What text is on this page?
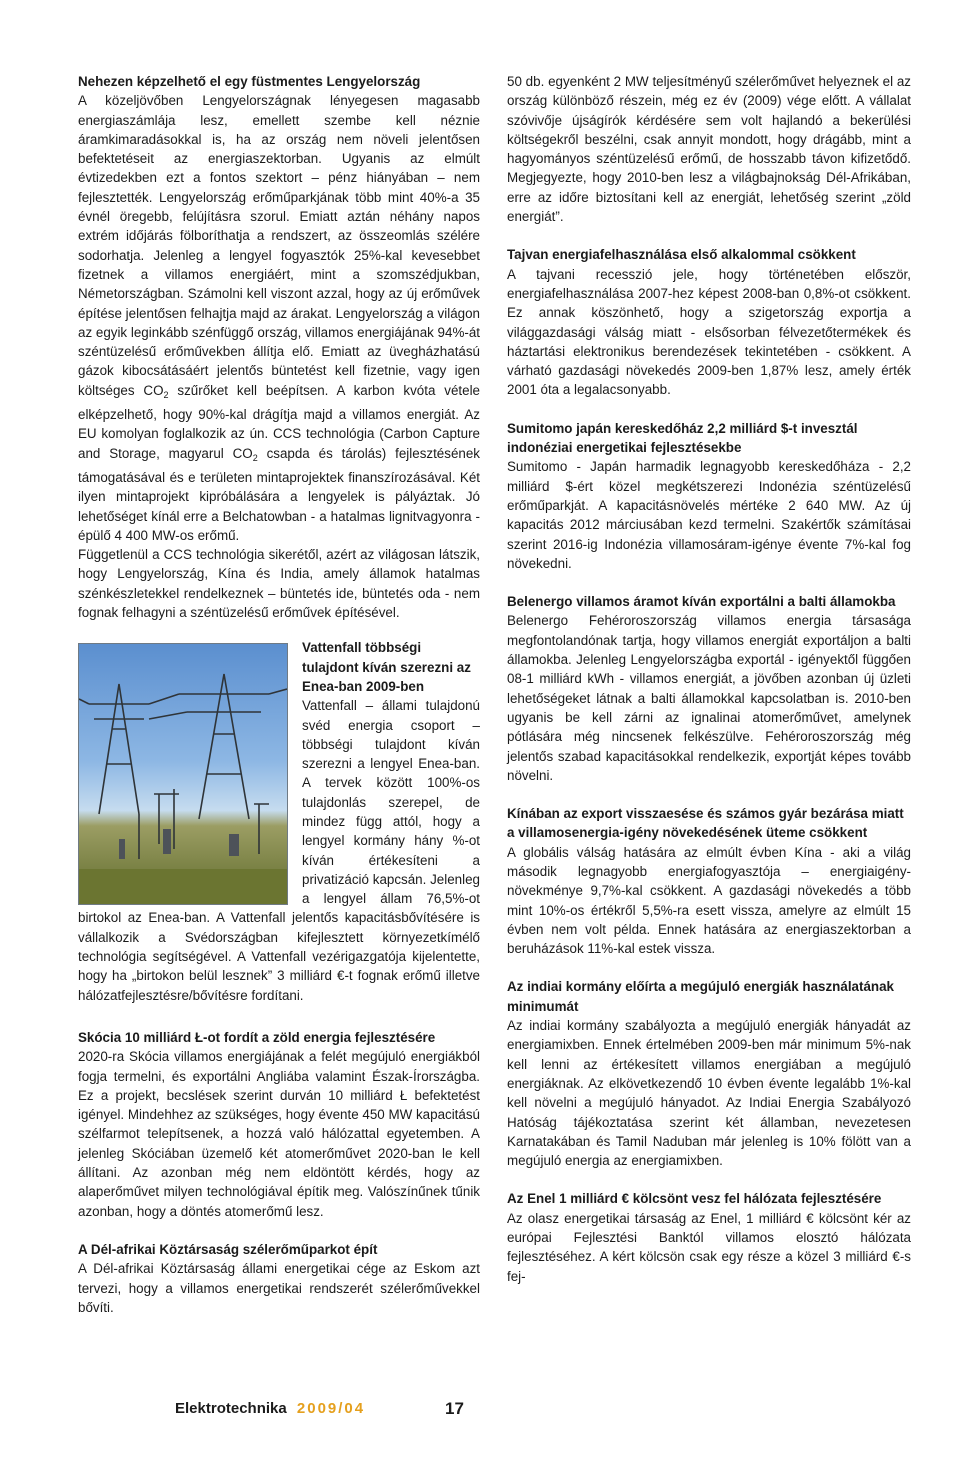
Nehezen képzelhető el egy füstmentes Lengyelország

A közeljövőben Lengyelországnak lényegesen magasabb energiaszámlája lesz, emellett szembe kell néznie áramkimaradásokkal is, ha az ország nem növeli jelentősen befektetéseit az energiaszektorban. Ugyanis az elmúlt évtizedekben ezt a fontos szektort – pénz hiányában – nem fejlesztették. Lengyelország erőműparkjának több mint 40%-a 35 évnél öregebb, felújításra szorul. Emiatt aztán néhány napos extrém időjárás fölboríthatja a rendszert, az összeomlás szélére sodorhatja. Jelenleg a lengyel fogyasztók 25%-kal kevesebbet fizetnek a villamos energiáért, mint a szomszédjukban, Németországban. Számolni kell viszont azzal, hogy az új erőművek építése jelentősen felhajtja majd az árakat. Lengyelország a világon az egyik leginkább szénfüggő ország, villamos energiájának 94%-át széntüzelésű erőművekben állítja elő. Emiatt az üvegházhatású gázok kibocsátásáért jelentős büntetést kell fizetnie, vagy igen költséges $CO_2$ szűrőket kell beépítsen. A karbon kvóta vétele elképzelhető, hogy 90%-kal drágítja majd a villamos energiát. Az EU komolyan foglalkozik az ún. CCS technológia (Carbon Capture and Storage, magyarul $CO_2$ csapda és tárolás) fejlesztésének támogatásával és e területen mintaprojektek finanszírozásával. Két ilyen mintaprojekt kipróbálására a lengyelek is pályáztak. Jó lehetőséget kínál erre a Belchatowban - a hatalmas lignitvagyonra - épülő 4 400 MW-os erőmű.

Függetlenül a CCS technológia sikerétől, azért az világosan látszik, hogy Lengyelország, Kína és India, amely államok hatalmas szénkészletekkel rendelkeznek – büntetés ide, büntetés oda - nem fognak felhagyni a széntüzelésű erőművek építésével.

Vattenfall többségi tulajdont kíván szerezni az Enea-ban 2009-ben

Vattenfall – állami tulajdonú svéd energia csoport – többségi tulajdont kíván szerezni a lengyel Enea-ban. A tervek között 100%-os tulajdonlás szerepel, de mindez függ attól, hogy a lengyel kormány hány %-ot kíván értékesíteni a privatizáció kapcsán. Jelenleg a lengyel állam 76,5%-ot birtokol az Enea-ban. A Vattenfall jelentős kapacitásbővítésére is vállalkozik a Svédországban kifejlesztett környezetkímélő technológia segítségével. A Vattenfall vezérigazgatója kijelentette, hogy ha „birtokon belül lesznek” 3 milliárd €-t fognak erőmű illetve hálózatfejlesztésre/bővítésre fordítani.

Skócia 10 milliárd Ł-ot fordít a zöld energia fejlesztésére

2020-ra Skócia villamos energiájának a felét megújuló energiákból fogja termelni, és exportálni Angliába valamint Észak-Írországba. Ez a projekt, becslések szerint durván 10 milliárd Ł befektetést igényel. Mindehhez az szükséges, hogy évente 450 MW kapacitású szélfarmot telepítsenek, a hozzá való hálózattal egyetemben. A jelenleg Skóciában üzemelő két atomerőművet 2020-ban le kell állítani. Az azonban még nem eldöntött kérdés, hogy az alaperőművet milyen technológiával építik meg. Valószínűnek tűnik azonban, hogy a döntés atomerőmű lesz.

A Dél-afrikai Köztársaság szélerőműparkot épít

A Dél-afrikai Köztársaság állami energetikai cége az Eskom azt tervezi, hogy a villamos energetikai rendszerét szélerőművekkel bővíti.

50 db. egyenként 2 MW teljesítményű szélerőművet helyeznek el az ország különböző részein, még ez év (2009) vége előtt. A vállalat szóvivője újságírók kérdésére sem volt hajlandó a bekerülési költségekről beszélni, csak annyit mondott, hogy drágább, mint a hagyományos széntüzelésű erőmű, de hosszabb távon kifizetődő. Megjegyezte, hogy 2010-ben lesz a világbajnokság Dél-Afrikában, erre az időre biztosítani kell az energiát, lehetőség szerint „zöld energiát”.

Tajvan energiafelhasználása első alkalommal csökkent

A tajvani recesszió jele, hogy történetében először, energiafelhasználása 2007-hez képest 2008-ban 0,8%-ot csökkent. Ez annak köszönhető, hogy a szigetország exportja a világgazdasági válság miatt - elsősorban félvezetőtermékek és háztartási elektronikus berendezések tekintetében - csökkent. A várható gazdasági növekedés 2009-ben 1,87% lesz, amely érték 2001 óta a legalacsonyabb.

Sumitomo japán kereskedőház 2,2 milliárd $-t invesztál indonéziai energetikai fejlesztésekbe

Sumitomo - Japán harmadik legnagyobb kereskedőháza - 2,2 milliárd $-ért közel megkétszerezi Indonézia széntüzelésű erőműparkját. A kapacitásnövelés mértéke 2 640 MW. Az új kapacitás 2012 márciusában kezd termelni. Szakértők számításai szerint 2016-ig Indonézia villamosáram-igénye évente 7%-kal fog növekedni.

Belenergo villamos áramot kíván exportálni a balti államokba

Belenergo Fehéroroszország villamos energia társasága megfontolandónak tartja, hogy villamos energiát exportáljon a balti államokba. Jelenleg Lengyelországba exportál - igényektől függően 08-1 milliárd kWh - villamos energiát, a jövőben azonban új üzleti lehetőségeket látnak a balti államokkal kapcsolatban is. 2010-ben ugyanis be kell zárni az ignalinai atomerőművet, amelynek pótlására még nincsenek felkészülve. Fehéroroszország még jelentős szabad kapacitásokkal rendelkezik, exportját képes tovább növelni.

Kínában az export visszaesése és számos gyár bezárása miatt a villamosenergia-igény növekedésének üteme csökkent

A globális válság hatására az elmúlt évben Kína - aki a világ második legnagyobb energiafogyasztója – energiaigény-növekménye 9,7%-kal csökkent. A gazdasági növekedés a több mint 10%-os értékről 5,5%-ra esett vissza, amelyre az elmúlt 15 évben nem volt példa. Ennek hatására az energiaszektorban a beruházások 11%-kal estek vissza.

Az indiai kormány előírta a megújuló energiák használatának minimumát

Az indiai kormány szabályozta a megújuló energiák hányadát az energiamixben. Ennek értelmében 2009-ben már minimum 5%-nak kell lenni az értékesített villamos energiában a megújuló energiáknak. Az elkövetkezendő 10 évben évente legalább 1%-kal kell növelni a megújuló hányadot. Az Indiai Energia Szabályozó Hatóság tájékoztatása szerint két államban, nevezetesen Karnatakában és Tamil Naduban már jelenleg is 10% fölött van a megújuló energia az energiamixben.

Az Enel 1 milliárd € kölcsönt vesz fel hálózata fejlesztésére

Az olasz energetikai társaság az Enel, 1 milliárd € kölcsönt kér az európai Fejlesztési Banktól villamos elosztó hálózata fejlesztéséhez. A kért kölcsön csak egy része a közel 3 milliárd €-s fej-

Elektrotechnika 2009/04	17
